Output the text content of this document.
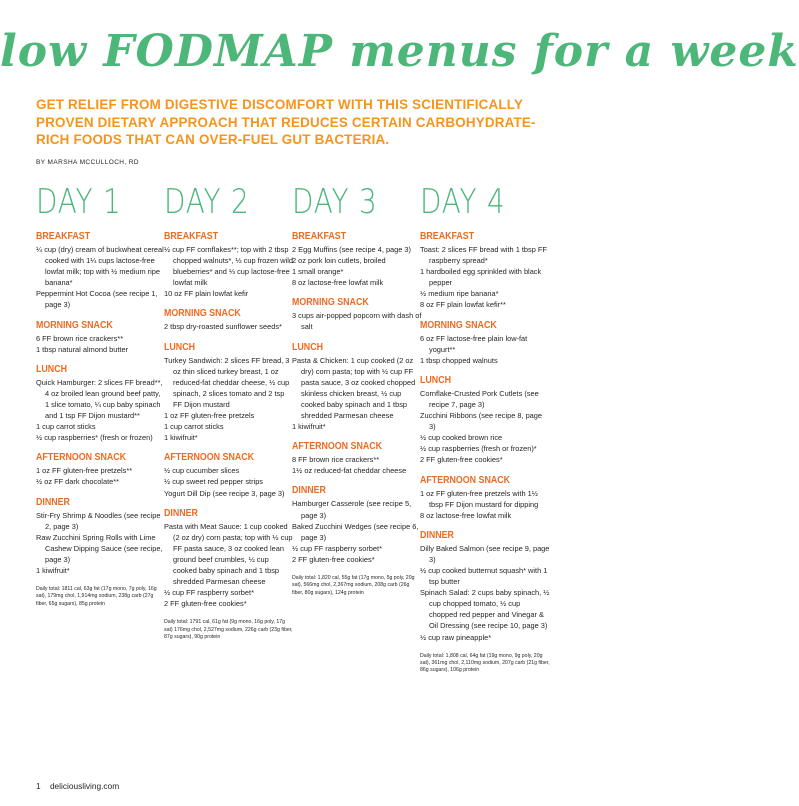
low FODMAP menus for a week
GET RELIEF FROM DIGESTIVE DISCOMFORT WITH THIS SCIENTIFICALLY PROVEN DIETARY APPROACH THAT REDUCES CERTAIN CARBOHYDRATE-RICH FOODS THAT CAN OVER-FUEL GUT BACTERIA.
BY MARSHA MCCULLOCH, RD
DAY 1
BREAKFAST
¼ cup (dry) cream of buckwheat cereal cooked with 1¼ cups lactose-free lowfat milk; top with ½ medium ripe banana*
Peppermint Hot Cocoa (see recipe 1, page 3)
MORNING SNACK
6 FF brown rice crackers**
1 tbsp natural almond butter
LUNCH
Quick Hamburger: 2 slices FF bread**, 4 oz broiled lean ground beef patty, 1 slice tomato, ¼ cup baby spinach and 1 tsp FF Dijon mustard**
1 cup carrot sticks
½ cup raspberries* (fresh or frozen)
AFTERNOON SNACK
1 oz FF gluten-free pretzels**
½ oz FF dark chocolate**
DINNER
Stir-Fry Shrimp & Noodles (see recipe 2, page 3)
Raw Zucchini Spring Rolls with Lime Cashew Dipping Sauce (see recipe, page 3)
1 kiwifruit*
Daily total: 1811 cal, 63g fat (17g mono, 7g poly, 16g sat), 179mg chol, 1,914mg sodium, 238g carb (27g fiber, 65g sugars), 85g protein
DAY 2
BREAKFAST
½ cup FF cornflakes**; top with 2 tbsp chopped walnuts*, ½ cup frozen wild blueberries* and ⅓ cup lactose-free lowfat milk
10 oz FF plain lowfat kefir
MORNING SNACK
2 tbsp dry-roasted sunflower seeds*
LUNCH
Turkey Sandwich: 2 slices FF bread, 3 oz thin sliced turkey breast, 1 oz reduced-fat cheddar cheese, ½ cup spinach, 2 slices tomato and 2 tsp FF Dijon mustard
1 oz FF gluten-free pretzels
1 cup carrot sticks
1 kiwifruit*
AFTERNOON SNACK
½ cup cucumber slices
½ cup sweet red pepper strips
Yogurt Dill Dip (see recipe 3, page 3)
DINNER
Pasta with Meat Sauce: 1 cup cooked (2 oz dry) corn pasta; top with ½ cup FF pasta sauce, 3 oz cooked lean ground beef crumbles, ½ cup cooked baby spinach and 1 tbsp shredded Parmesan cheese
½ cup FF raspberry sorbet*
2 FF gluten-free cookies*
Daily total: 1791 cal, 61g fat (9g mono, 16g poly, 17g sat) 176mg chol, 2,527mg sodium, 226g carb (23g fiber, 87g sugars), 90g protein
DAY 3
BREAKFAST
2 Egg Muffins (see recipe 4, page 3)
2 oz pork loin cutlets, broiled
1 small orange*
8 oz lactose-free lowfat milk
MORNING SNACK
3 cups air-popped popcorn with dash of salt
LUNCH
Pasta & Chicken: 1 cup cooked (2 oz dry) corn pasta; top with ½ cup FF pasta sauce, 3 oz cooked chopped skinless chicken breast, ½ cup cooked baby spinach and 1 tbsp shredded Parmesan cheese
1 kiwifruit*
AFTERNOON SNACK
8 FF brown rice crackers**
1½ oz reduced-fat cheddar cheese
DINNER
Hamburger Casserole (see recipe 5, page 3)
Baked Zucchini Wedges (see recipe 6, page 3)
½ cup FF raspberry sorbet*
2 FF gluten-free cookies*
Daily total: 1,820 cal, 55g fat (17g mono, 5g poly, 20g sat), 566mg chol, 2,367mg sodium, 208g carb (26g fiber, 80g sugars), 124g protein
DAY 4
BREAKFAST
Toast: 2 slices FF bread with 1 tbsp FF raspberry spread*
1 hardboiled egg sprinkled with black pepper
½ medium ripe banana*
8 oz FF plain lowfat kefir**
MORNING SNACK
6 oz FF lactose-free plain low-fat yogurt**
1 tbsp chopped walnuts
LUNCH
Cornflake-Crusted Pork Cutlets (see recipe 7, page 3)
Zucchini Ribbons (see recipe 8, page 3)
½ cup cooked brown rice
½ cup raspberries (fresh or frozen)*
2 FF gluten-free cookies*
AFTERNOON SNACK
1 oz FF gluten-free pretzels with 1½ tbsp FF Dijon mustard for dipping
8 oz lactose-free lowfat milk
DINNER
Dilly Baked Salmon (see recipe 9, page 3)
½ cup cooked butternut squash* with 1 tsp butter
Spinach Salad: 2 cups baby spinach, ½ cup chopped tomato, ½ cup chopped red pepper and Vinegar & Oil Dressing (see recipe 10, page 3)
½ cup raw pineapple*
Daily total: 1,808 cal, 64g fat (19g mono, 9g poly, 20g sat), 361mg chol, 2,110mg sodium, 207g carb (21g fiber, 86g sugars), 106g protein
1 deliciousliving.com
